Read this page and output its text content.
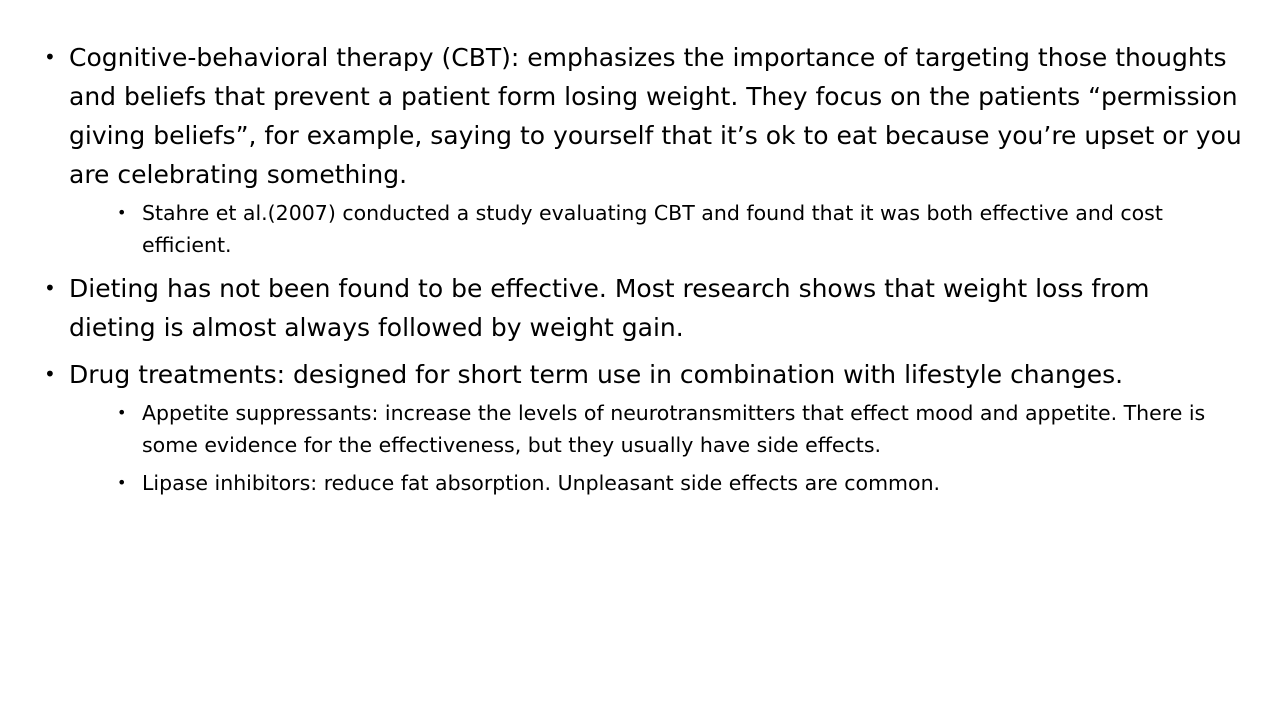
• Cognitive-behavioral therapy (CBT): emphasizes the importance of targeting those thoughts and beliefs that prevent a patient form losing weight. They focus on the patients “permission giving beliefs”, for example, saying to yourself that it’s ok to eat because you’re upset or you are celebrating something.
• Stahre et al.(2007) conducted a study evaluating CBT and found that it was both effective and cost efficient.
• Dieting has not been found to be effective. Most research shows that weight loss from dieting is almost always followed by weight gain.
• Drug treatments: designed for short term use in combination with lifestyle changes.
• Appetite suppressants: increase the levels of neurotransmitters that effect mood and appetite. There is some evidence for the effectiveness, but they usually have side effects.
• Lipase inhibitors: reduce fat absorption. Unpleasant side effects are common.
